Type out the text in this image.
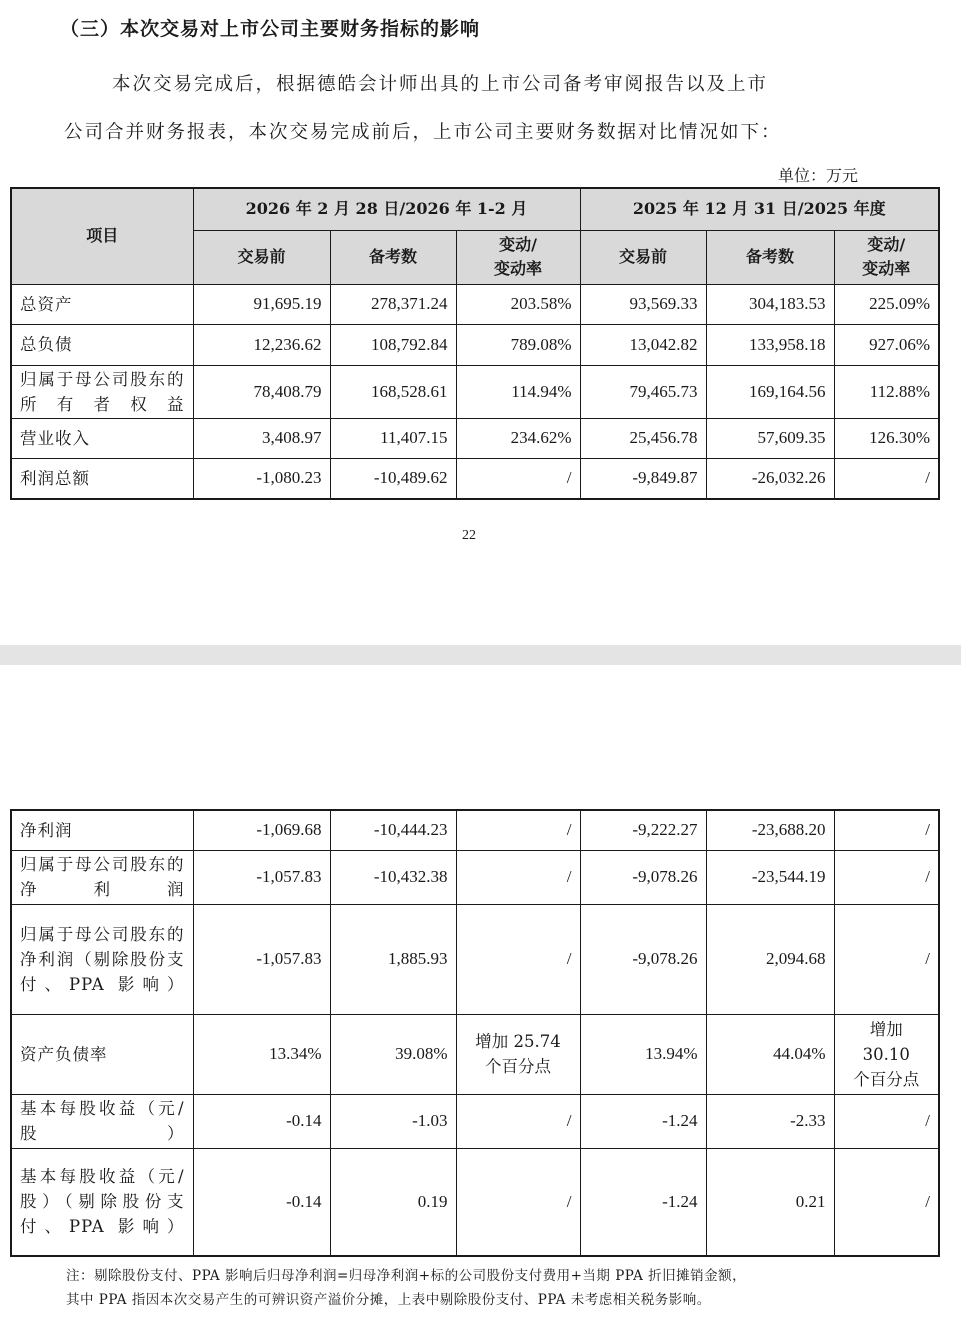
（三）本次交易对上市公司主要财务指标的影响
本次交易完成后，根据德皓会计师出具的上市公司备考审阅报告以及上市
公司合并财务报表，本次交易完成前后，上市公司主要财务数据对比情况如下：
单位：万元
项目	2026 年 2 月 28 日/2026 年 1-2 月			2025 年 12 月 31 日/2025 年度		
	交易前	备考数	变动/
变动率	交易前	备考数	变动/
变动率
总资产	91,695.19	278,371.24	203.58%	93,569.33	304,183.53	225.09%
总负债	12,236.62	108,792.84	789.08%	13,042.82	133,958.18	927.06%
归属于母公司股东的所有者权益	78,408.79	168,528.61	114.94%	79,465.73	169,164.56	112.88%
营业收入	3,408.97	11,407.15	234.62%	25,456.78	57,609.35	126.30%
利润总额	-1,080.23	-10,489.62	/	-9,849.87	-26,032.26	/
22
净利润	-1,069.68	-10,444.23	/	-9,222.27	-23,688.20	/
归属于母公司股东的净利润	-1,057.83	-10,432.38	/	-9,078.26	-23,544.19	/
归属于母公司股东的净利润（剔除股份支付、PPA 影响）	-1,057.83	1,885.93	/	-9,078.26	2,094.68	/
资产负债率	13.34%	39.08%	增加 25.74 个百分点	13.94%	44.04%	增加 30.10 个百分点
基本每股收益（元/股）	-0.14	-1.03	/	-1.24	-2.33	/
基本每股收益（元/股）（剔除股份支付、PPA 影响）	-0.14	0.19	/	-1.24	0.21	/
注：剔除股份支付、PPA 影响后归母净利润=归母净利润+标的公司股份支付费用+当期 PPA 折旧摊销金额，
其中 PPA 指因本次交易产生的可辨识资产溢价分摊，上表中剔除股份支付、PPA 未考虑相关税务影响。
